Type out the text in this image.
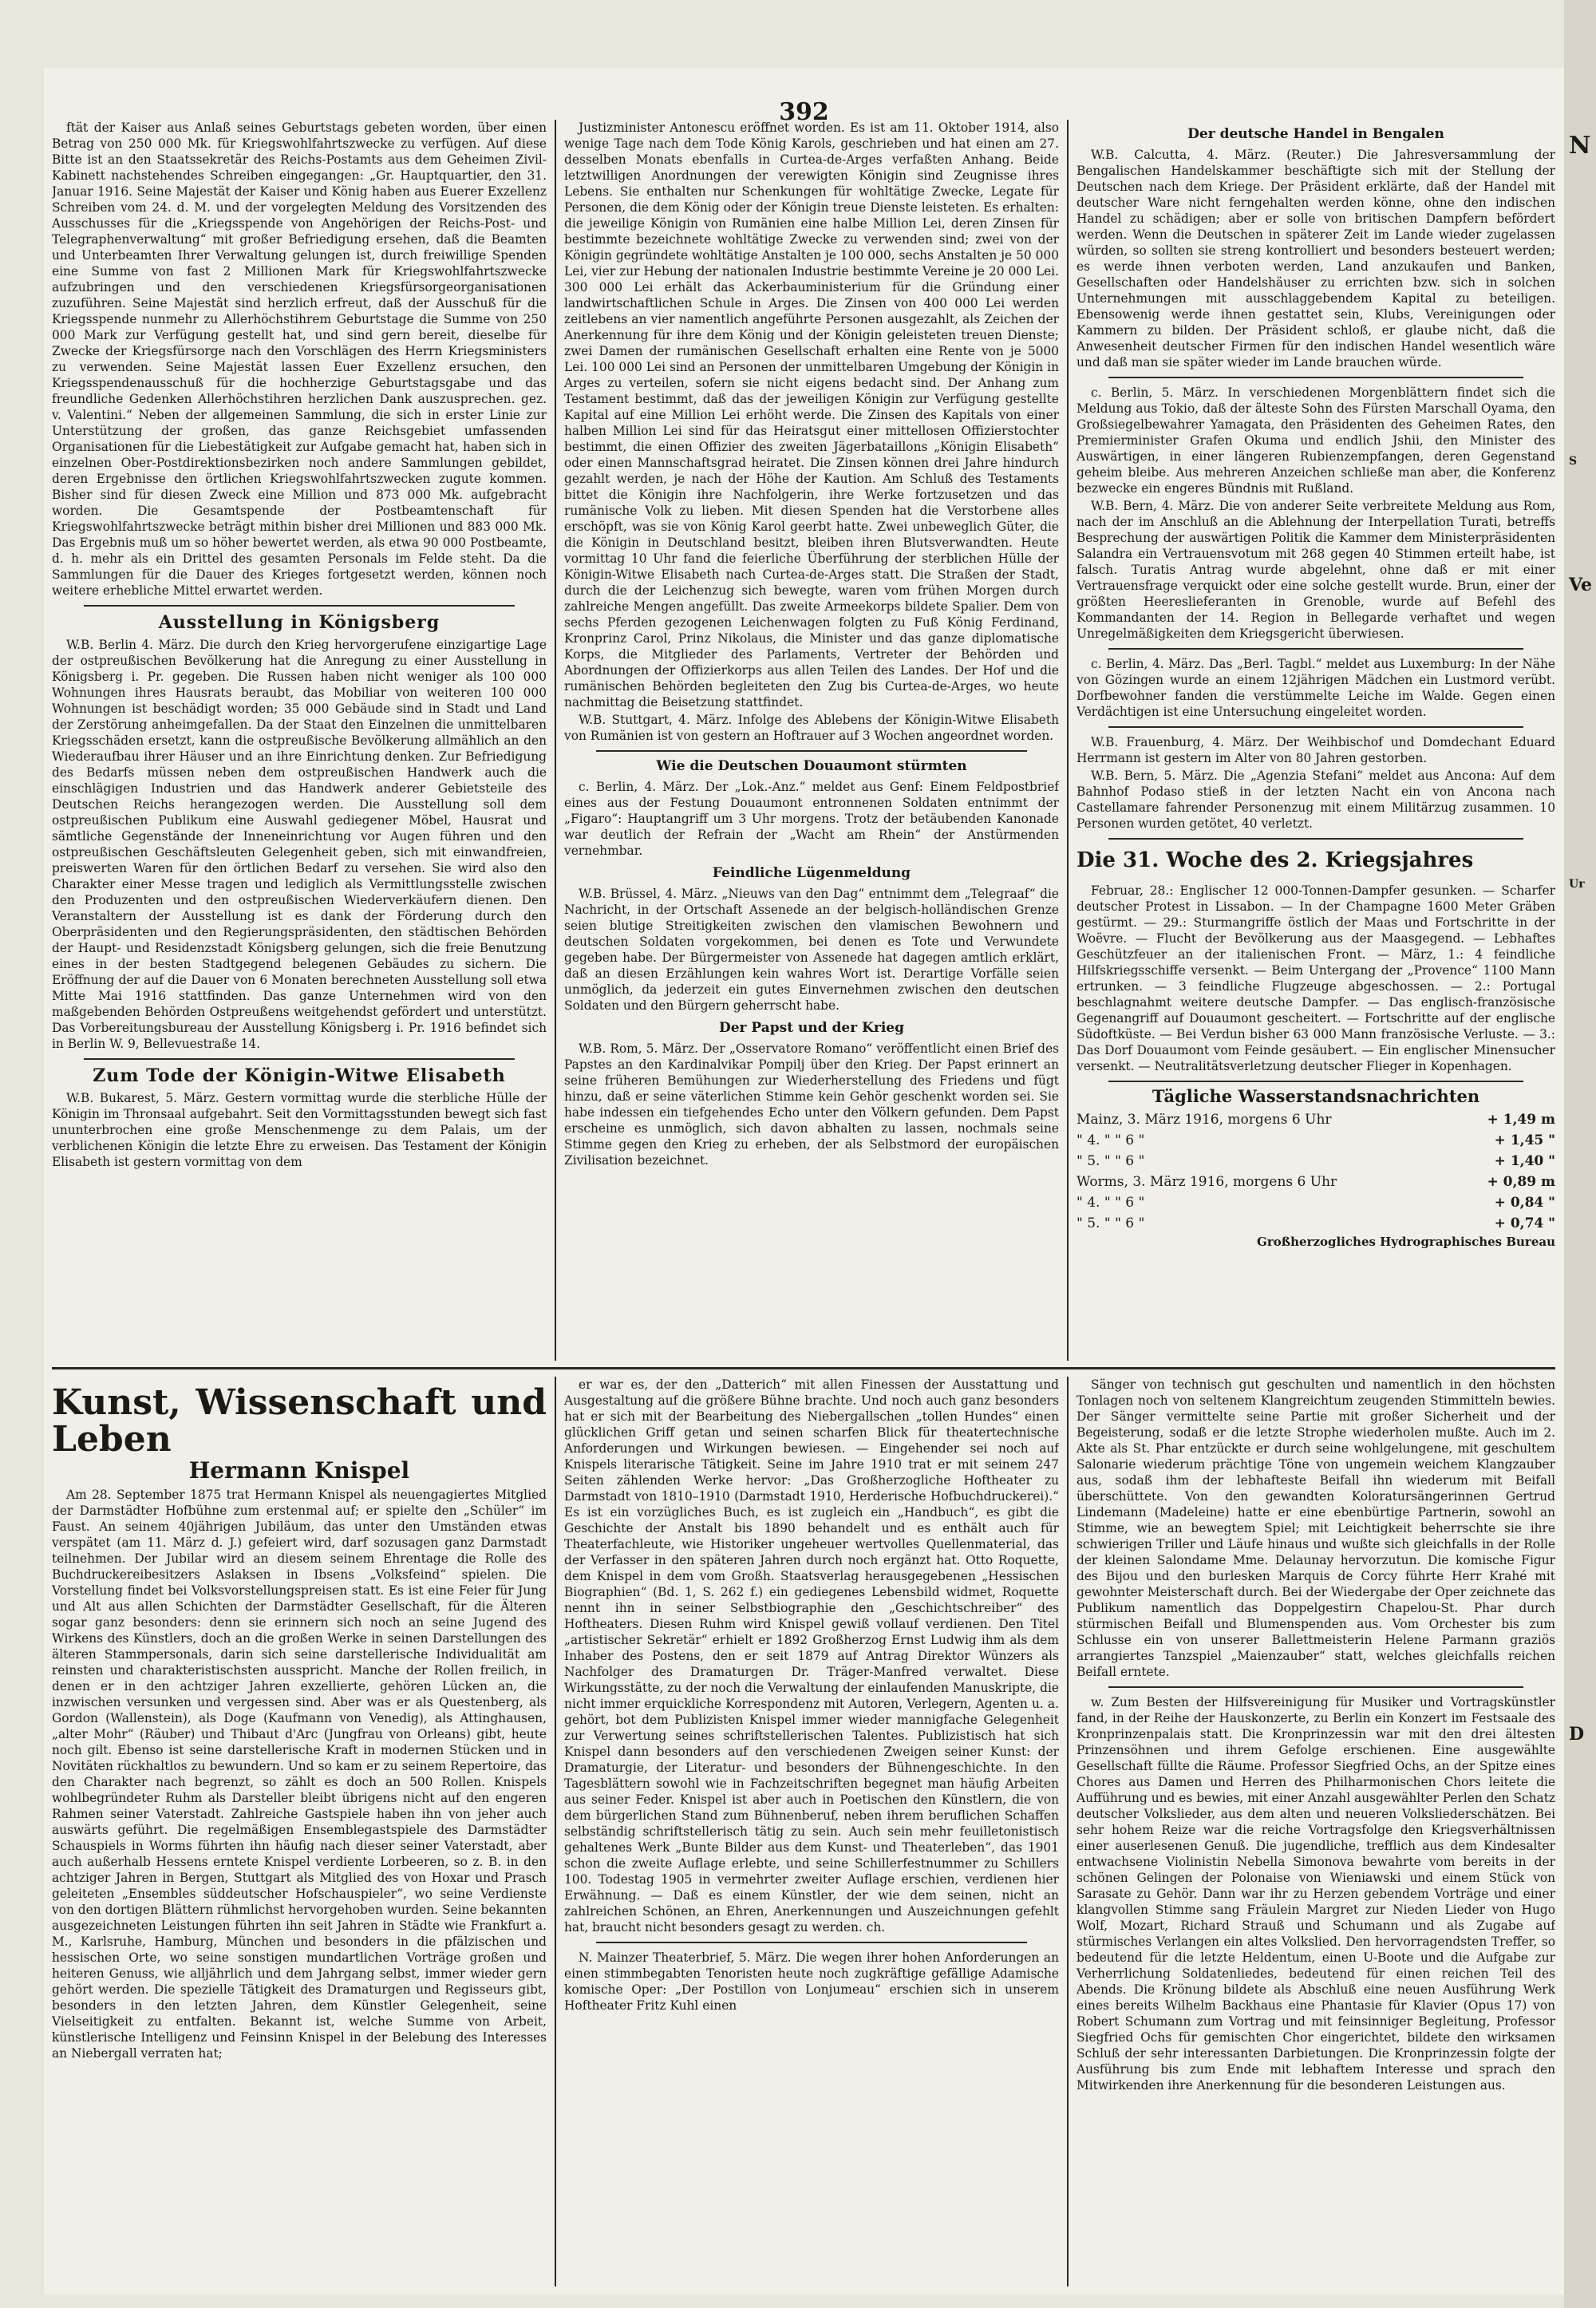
N
S
Ve
Ur
D
392

ftät der Kaiser aus Anlaß seines Geburtstags gebeten worden, über einen Betrag von 250 000 Mk. für Kriegswohlfahrtszwecke zu verfügen. Auf diese Bitte ist an den Staatssekretär des Reichs-Postamts aus dem Geheimen Zivil-Kabinett nachstehendes Schreiben eingegangen: „Gr. Hauptquartier, den 31. Januar 1916. Seine Majestät der Kaiser und König haben aus Euerer Exzellenz Schreiben vom 24. d. M. und der vorgelegten Meldung des Vorsitzenden des Ausschusses für die „Kriegsspende von Angehörigen der Reichs-Post- und Telegraphenverwaltung“ mit großer Befriedigung ersehen, daß die Beamten und Unterbeamten Ihrer Verwaltung gelungen ist, durch freiwillige Spenden eine Summe von fast 2 Millionen Mark für Kriegswohlfahrtszwecke aufzubringen und den verschiedenen Kriegsfürsorgeorganisationen zuzuführen. Seine Majestät sind herzlich erfreut, daß der Ausschuß für die Kriegsspende nunmehr zu Allerhöchstihrem Geburtstage die Summe von 250 000 Mark zur Verfügung gestellt hat, und sind gern bereit, dieselbe für Zwecke der Kriegsfürsorge nach den Vorschlägen des Herrn Kriegsministers zu verwenden. Seine Majestät lassen Euer Exzellenz ersuchen, den Kriegsspendenausschuß für die hochherzige Geburtstagsgabe und das freundliche Gedenken Allerhöchstihren herzlichen Dank auszusprechen. gez. v. Valentini.“ Neben der allgemeinen Sammlung, die sich in erster Linie zur Unterstützung der großen, das ganze Reichsgebiet umfassenden Organisationen für die Liebestätigkeit zur Aufgabe gemacht hat, haben sich in einzelnen Ober-Postdirektionsbezirken noch andere Sammlungen gebildet, deren Ergebnisse den örtlichen Kriegswohlfahrtszwecken zugute kommen. Bisher sind für diesen Zweck eine Million und 873 000 Mk. aufgebracht worden. Die Gesamtspende der Postbeamtenschaft für Kriegswohlfahrtszwecke beträgt mithin bisher drei Millionen und 883 000 Mk. Das Ergebnis muß um so höher bewertet werden, als etwa 90 000 Postbeamte, d. h. mehr als ein Drittel des gesamten Personals im Felde steht. Da die Sammlungen für die Dauer des Krieges fortgesetzt werden, können noch weitere erhebliche Mittel erwartet werden.

Ausstellung in Königsberg

W.B. Berlin 4. März. Die durch den Krieg hervorgerufene einzigartige Lage der ostpreußischen Bevölkerung hat die Anregung zu einer Ausstellung in Königsberg i. Pr. gegeben. Die Russen haben nicht weniger als 100 000 Wohnungen ihres Hausrats beraubt, das Mobiliar von weiteren 100 000 Wohnungen ist beschädigt worden; 35 000 Gebäude sind in Stadt und Land der Zerstörung anheimgefallen. Da der Staat den Einzelnen die unmittelbaren Kriegsschäden ersetzt, kann die ostpreußische Bevölkerung allmählich an den Wiederaufbau ihrer Häuser und an ihre Einrichtung denken. Zur Befriedigung des Bedarfs müssen neben dem ostpreußischen Handwerk auch die einschlägigen Industrien und das Handwerk anderer Gebietsteile des Deutschen Reichs herangezogen werden. Die Ausstellung soll dem ostpreußischen Publikum eine Auswahl gediegener Möbel, Hausrat und sämtliche Gegenstände der Inneneinrichtung vor Augen führen und den ostpreußischen Geschäftsleuten Gelegenheit geben, sich mit einwandfreien, preiswerten Waren für den örtlichen Bedarf zu versehen. Sie wird also den Charakter einer Messe tragen und lediglich als Vermittlungsstelle zwischen den Produzenten und den ostpreußischen Wiederverkäufern dienen. Den Veranstaltern der Ausstellung ist es dank der Förderung durch den Oberpräsidenten und den Regierungspräsidenten, den städtischen Behörden der Haupt- und Residenzstadt Königsberg gelungen, sich die freie Benutzung eines in der besten Stadtgegend belegenen Gebäudes zu sichern. Die Eröffnung der auf die Dauer von 6 Monaten berechneten Ausstellung soll etwa Mitte Mai 1916 stattfinden. Das ganze Unternehmen wird von den maßgebenden Behörden Ostpreußens weitgehendst gefördert und unterstützt. Das Vorbereitungsbureau der Ausstellung Königsberg i. Pr. 1916 befindet sich in Berlin W. 9, Bellevuestraße 14.

Zum Tode der Königin-Witwe Elisabeth

W.B. Bukarest, 5. März. Gestern vormittag wurde die sterbliche Hülle der Königin im Thronsaal aufgebahrt. Seit den Vormittagsstunden bewegt sich fast ununterbrochen eine große Menschenmenge zu dem Palais, um der verblichenen Königin die letzte Ehre zu erweisen. Das Testament der Königin Elisabeth ist gestern vormittag von dem

Justizminister Antonescu eröffnet worden. Es ist am 11. Oktober 1914, also wenige Tage nach dem Tode König Karols, geschrieben und hat einen am 27. desselben Monats ebenfalls in Curtea-de-Arges verfaßten Anhang. Beide letztwilligen Anordnungen der verewigten Königin sind Zeugnisse ihres Lebens. Sie enthalten nur Schenkungen für wohltätige Zwecke, Legate für Personen, die dem König oder der Königin treue Dienste leisteten. Es erhalten: die jeweilige Königin von Rumänien eine halbe Million Lei, deren Zinsen für bestimmte bezeichnete wohltätige Zwecke zu verwenden sind; zwei von der Königin gegründete wohltätige Anstalten je 100 000, sechs Anstalten je 50 000 Lei, vier zur Hebung der nationalen Industrie bestimmte Vereine je 20 000 Lei. 300 000 Lei erhält das Ackerbauministerium für die Gründung einer landwirtschaftlichen Schule in Arges. Die Zinsen von 400 000 Lei werden zeitlebens an vier namentlich angeführte Personen ausgezahlt, als Zeichen der Anerkennung für ihre dem König und der Königin geleisteten treuen Dienste; zwei Damen der rumänischen Gesellschaft erhalten eine Rente von je 5000 Lei. 100 000 Lei sind an Personen der unmittelbaren Umgebung der Königin in Arges zu verteilen, sofern sie nicht eigens bedacht sind. Der Anhang zum Testament bestimmt, daß das der jeweiligen Königin zur Verfügung gestellte Kapital auf eine Million Lei erhöht werde. Die Zinsen des Kapitals von einer halben Million Lei sind für das Heiratsgut einer mittellosen Offizierstochter bestimmt, die einen Offizier des zweiten Jägerbataillons „Königin Elisabeth“ oder einen Mannschaftsgrad heiratet. Die Zinsen können drei Jahre hindurch gezahlt werden, je nach der Höhe der Kaution. Am Schluß des Testaments bittet die Königin ihre Nachfolgerin, ihre Werke fortzusetzen und das rumänische Volk zu lieben. Mit diesen Spenden hat die Verstorbene alles erschöpft, was sie von König Karol geerbt hatte. Zwei unbeweglich Güter, die die Königin in Deutschland besitzt, bleiben ihren Blutsverwandten. Heute vormittag 10 Uhr fand die feierliche Überführung der sterblichen Hülle der Königin-Witwe Elisabeth nach Curtea-de-Arges statt. Die Straßen der Stadt, durch die der Leichenzug sich bewegte, waren vom frühen Morgen durch zahlreiche Mengen angefüllt. Das zweite Armeekorps bildete Spalier. Dem von sechs Pferden gezogenen Leichenwagen folgten zu Fuß König Ferdinand, Kronprinz Carol, Prinz Nikolaus, die Minister und das ganze diplomatische Korps, die Mitglieder des Parlaments, Vertreter der Behörden und Abordnungen der Offizierkorps aus allen Teilen des Landes. Der Hof und die rumänischen Behörden begleiteten den Zug bis Curtea-de-Arges, wo heute nachmittag die Beisetzung stattfindet.

W.B. Stuttgart, 4. März. Infolge des Ablebens der Königin-Witwe Elisabeth von Rumänien ist von gestern an Hoftrauer auf 3 Wochen angeordnet worden.

Wie die Deutschen Douaumont stürmten

c. Berlin, 4. März. Der „Lok.-Anz.“ meldet aus Genf: Einem Feldpostbrief eines aus der Festung Douaumont entronnenen Soldaten entnimmt der „Figaro“: Hauptangriff um 3 Uhr morgens. Trotz der betäubenden Kanonade war deutlich der Refrain der „Wacht am Rhein“ der Anstürmenden vernehmbar.

Feindliche Lügenmeldung

W.B. Brüssel, 4. März. „Nieuws van den Dag“ entnimmt dem „Telegraaf“ die Nachricht, in der Ortschaft Assenede an der belgisch-holländischen Grenze seien blutige Streitigkeiten zwischen den vlamischen Bewohnern und deutschen Soldaten vorgekommen, bei denen es Tote und Verwundete gegeben habe. Der Bürgermeister von Assenede hat dagegen amtlich erklärt, daß an diesen Erzählungen kein wahres Wort ist. Derartige Vorfälle seien unmöglich, da jederzeit ein gutes Einvernehmen zwischen den deutschen Soldaten und den Bürgern geherrscht habe.

Der Papst und der Krieg

W.B. Rom, 5. März. Der „Osservatore Romano“ veröffentlicht einen Brief des Papstes an den Kardinalvikar Pompilj über den Krieg. Der Papst erinnert an seine früheren Bemühungen zur Wiederherstellung des Friedens und fügt hinzu, daß er seine väterlichen Stimme kein Gehör geschenkt worden sei. Sie habe indessen ein tiefgehendes Echo unter den Völkern gefunden. Dem Papst erscheine es unmöglich, sich davon abhalten zu lassen, nochmals seine Stimme gegen den Krieg zu erheben, der als Selbstmord der europäischen Zivilisation bezeichnet.

Der deutsche Handel in Bengalen

W.B. Calcutta, 4. März. (Reuter.) Die Jahresversammlung der Bengalischen Handelskammer beschäftigte sich mit der Stellung der Deutschen nach dem Kriege. Der Präsident erklärte, daß der Handel mit deutscher Ware nicht ferngehalten werden könne, ohne den indischen Handel zu schädigen; aber er solle von britischen Dampfern befördert werden. Wenn die Deutschen in späterer Zeit im Lande wieder zugelassen würden, so sollten sie streng kontrolliert und besonders besteuert werden; es werde ihnen verboten werden, Land anzukaufen und Banken, Gesellschaften oder Handelshäuser zu errichten bzw. sich in solchen Unternehmungen mit ausschlaggebendem Kapital zu beteiligen. Ebensowenig werde ihnen gestattet sein, Klubs, Vereinigungen oder Kammern zu bilden. Der Präsident schloß, er glaube nicht, daß die Anwesenheit deutscher Firmen für den indischen Handel wesentlich wäre und daß man sie später wieder im Lande brauchen würde.

c. Berlin, 5. März. In verschiedenen Morgenblättern findet sich die Meldung aus Tokio, daß der älteste Sohn des Fürsten Marschall Oyama, den Großsiegelbewahrer Yamagata, den Präsidenten des Geheimen Rates, den Premierminister Grafen Okuma und endlich Jshii, den Minister des Auswärtigen, in einer längeren Rubienzempfangen, deren Gegenstand geheim bleibe. Aus mehreren Anzeichen schließe man aber, die Konferenz bezwecke ein engeres Bündnis mit Rußland.

W.B. Bern, 4. März. Die von anderer Seite verbreitete Meldung aus Rom, nach der im Anschluß an die Ablehnung der Interpellation Turati, betreffs Besprechung der auswärtigen Politik die Kammer dem Ministerpräsidenten Salandra ein Vertrauensvotum mit 268 gegen 40 Stimmen erteilt habe, ist falsch. Turatis Antrag wurde abgelehnt, ohne daß er mit einer Vertrauensfrage verquickt oder eine solche gestellt wurde. Brun, einer der größten Heereslieferanten in Grenoble, wurde auf Befehl des Kommandanten der 14. Region in Bellegarde verhaftet und wegen Unregelmäßigkeiten dem Kriegsgericht überwiesen.

c. Berlin, 4. März. Das „Berl. Tagbl.“ meldet aus Luxemburg: In der Nähe von Gözingen wurde an einem 12jährigen Mädchen ein Lustmord verübt. Dorfbewohner fanden die verstümmelte Leiche im Walde. Gegen einen Verdächtigen ist eine Untersuchung eingeleitet worden.

W.B. Frauenburg, 4. März. Der Weihbischof und Domdechant Eduard Herrmann ist gestern im Alter von 80 Jahren gestorben.

W.B. Bern, 5. März. Die „Agenzia Stefani“ meldet aus Ancona: Auf dem Bahnhof Podaso stieß in der letzten Nacht ein von Ancona nach Castellamare fahrender Personenzug mit einem Militärzug zusammen. 10 Personen wurden getötet, 40 verletzt.

Die 31. Woche des 2. Kriegsjahres

Februar, 28.: Englischer 12 000-Tonnen-Dampfer gesunken. — Scharfer deutscher Protest in Lissabon. — In der Champagne 1600 Meter Gräben gestürmt. — 29.: Sturmangriffe östlich der Maas und Fortschritte in der Woëvre. — Flucht der Bevölkerung aus der Maasgegend. — Lebhaftes Geschützfeuer an der italienischen Front. — März, 1.: 4 feindliche Hilfskriegsschiffe versenkt. — Beim Untergang der „Provence“ 1100 Mann ertrunken. — 3 feindliche Flugzeuge abgeschossen. — 2.: Portugal beschlagnahmt weitere deutsche Dampfer. — Das englisch-französische Gegenangriff auf Douaumont gescheitert. — Fortschritte auf der englische Südoftküste. — Bei Verdun bisher 63 000 Mann französische Verluste. — 3.: Das Dorf Douaumont vom Feinde gesäubert. — Ein englischer Minensucher versenkt. — Neutralitätsverletzung deutscher Flieger in Kopenhagen.

Tägliche Wasserstandsnachrichten
Mainz, 3. März 1916, morgens 6 Uhr	+ 1,49 m
" 4. " " 6 "	+ 1,45 "
" 5. " " 6 "	+ 1,40 "
Worms, 3. März 1916, morgens 6 Uhr	+ 0,89 m
" 4. " " 6 "	+ 0,84 "
" 5. " " 6 "	+ 0,74 "
Großherzogliches Hydrographisches Bureau
Kunst, Wissenschaft und Leben
Hermann Knispel

Am 28. September 1875 trat Hermann Knispel als neuengagiertes Mitglied der Darmstädter Hofbühne zum erstenmal auf; er spielte den „Schüler“ im Faust. An seinem 40jährigen Jubiläum, das unter den Umständen etwas verspätet (am 11. März d. J.) gefeiert wird, darf sozusagen ganz Darmstadt teilnehmen. Der Jubilar wird an diesem seinem Ehrentage die Rolle des Buchdruckereibesitzers Aslaksen in Ibsens „Volksfeind“ spielen. Die Vorstellung findet bei Volksvorstellungspreisen statt. Es ist eine Feier für Jung und Alt aus allen Schichten der Darmstädter Gesellschaft, für die Älteren sogar ganz besonders: denn sie erinnern sich noch an seine Jugend des Wirkens des Künstlers, doch an die großen Werke in seinen Darstellungen des älteren Stammpersonals, darin sich seine darstellerische Individualität am reinsten und charakteristischsten ausspricht. Manche der Rollen freilich, in denen er in den achtziger Jahren exzellierte, gehören Lücken an, die inzwischen versunken und vergessen sind. Aber was er als Questenberg, als Gordon (Wallenstein), als Doge (Kaufmann von Venedig), als Attinghausen, „alter Mohr“ (Räuber) und Thibaut d'Arc (Jungfrau von Orleans) gibt, heute noch gilt. Ebenso ist seine darstellerische Kraft in modernen Stücken und in Novitäten rückhaltlos zu bewundern. Und so kam er zu seinem Repertoire, das den Charakter nach begrenzt, so zählt es doch an 500 Rollen. Knispels wohlbegründeter Ruhm als Darsteller bleibt übrigens nicht auf den engeren Rahmen seiner Vaterstadt. Zahlreiche Gastspiele haben ihn von jeher auch auswärts geführt. Die regelmäßigen Ensemblegastspiele des Darmstädter Schauspiels in Worms führten ihn häufig nach dieser seiner Vaterstadt, aber auch außerhalb Hessens erntete Knispel verdiente Lorbeeren, so z. B. in den achtziger Jahren in Bergen, Stuttgart als Mitglied des von Hoxar und Prasch geleiteten „Ensembles süddeutscher Hofschauspieler“, wo seine Verdienste von den dortigen Blättern rühmlichst hervorgehoben wurden. Seine bekannten ausgezeichneten Leistungen führten ihn seit Jahren in Städte wie Frankfurt a. M., Karlsruhe, Hamburg, München und besonders in die pfälzischen und hessischen Orte, wo seine sonstigen mundartlichen Vorträge großen und heiteren Genuss, wie alljährlich und dem Jahrgang selbst, immer wieder gern gehört werden. Die spezielle Tätigkeit des Dramaturgen und Regisseurs gibt, besonders in den letzten Jahren, dem Künstler Gelegenheit, seine Vielseitigkeit zu entfalten. Bekannt ist, welche Summe von Arbeit, künstlerische Intelligenz und Feinsinn Knispel in der Belebung des Interesses an Niebergall verraten hat;

er war es, der den „Datterich“ mit allen Finessen der Ausstattung und Ausgestaltung auf die größere Bühne brachte. Und noch auch ganz besonders hat er sich mit der Bearbeitung des Niebergallschen „tollen Hundes“ einen glücklichen Griff getan und seinen scharfen Blick für theatertechnische Anforderungen und Wirkungen bewiesen. — Eingehender sei noch auf Knispels literarische Tätigkeit. Seine im Jahre 1910 trat er mit seinem 247 Seiten zählenden Werke hervor: „Das Großherzogliche Hoftheater zu Darmstadt von 1810–1910 (Darmstadt 1910, Herderische Hofbuchdruckerei).“ Es ist ein vorzügliches Buch, es ist zugleich ein „Handbuch“, es gibt die Geschichte der Anstalt bis 1890 behandelt und es enthält auch für Theaterfachleute, wie Historiker ungeheuer wertvolles Quellenmaterial, das der Verfasser in den späteren Jahren durch noch ergänzt hat. Otto Roquette, dem Knispel in dem vom Großh. Staatsverlag herausgegebenen „Hessischen Biographien“ (Bd. 1, S. 262 f.) ein gediegenes Lebensbild widmet, Roquette nennt ihn in seiner Selbstbiographie den „Geschichtschreiber“ des Hoftheaters. Diesen Ruhm wird Knispel gewiß vollauf verdienen. Den Titel „artistischer Sekretär“ erhielt er 1892 Großherzog Ernst Ludwig ihm als dem Inhaber des Postens, den er seit 1879 auf Antrag Direktor Wünzers als Nachfolger des Dramaturgen Dr. Träger-Manfred verwaltet. Diese Wirkungsstätte, zu der noch die Verwaltung der einlaufenden Manuskripte, die nicht immer erquickliche Korrespondenz mit Autoren, Verlegern, Agenten u. a. gehört, bot dem Publizisten Knispel immer wieder mannigfache Gelegenheit zur Verwertung seines schriftstellerischen Talentes. Publizistisch hat sich Knispel dann besonders auf den verschiedenen Zweigen seiner Kunst: der Dramaturgie, der Literatur- und besonders der Bühnengeschichte. In den Tagesblättern sowohl wie in Fachzeitschriften begegnet man häufig Arbeiten aus seiner Feder. Knispel ist aber auch in Poetischen den Künstlern, die von dem bürgerlichen Stand zum Bühnenberuf, neben ihrem beruflichen Schaffen selbständig schriftstellerisch tätig zu sein. Auch sein mehr feuilletonistisch gehaltenes Werk „Bunte Bilder aus dem Kunst- und Theaterleben“, das 1901 schon die zweite Auflage erlebte, und seine Schillerfestnummer zu Schillers 100. Todestag 1905 in vermehrter zweiter Auflage erschien, verdienen hier Erwähnung. — Daß es einem Künstler, der wie dem seinen, nicht an zahlreichen Schönen, an Ehren, Anerkennungen und Auszeichnungen gefehlt hat, braucht nicht besonders gesagt zu werden. ch.

N. Mainzer Theaterbrief, 5. März. Die wegen ihrer hohen Anforderungen an einen stimmbegabten Tenoristen heute noch zugkräftige gefällige Adamische komische Oper: „Der Postillon von Lonjumeau“ erschien sich in unserem Hoftheater Fritz Kuhl einen

Sänger von technisch gut geschulten und namentlich in den höchsten Tonlagen noch von seltenem Klangreichtum zeugenden Stimmitteln bewies. Der Sänger vermittelte seine Partie mit großer Sicherheit und der Begeisterung, sodaß er die letzte Strophe wiederholen mußte. Auch im 2. Akte als St. Phar entzückte er durch seine wohlgelungene, mit geschultem Salonarie wiederum prächtige Töne von ungemein weichem Klangzauber aus, sodaß ihm der lebhafteste Beifall ihn wiederum mit Beifall überschüttete. Von den gewandten Koloratursängerinnen Gertrud Lindemann (Madeleine) hatte er eine ebenbürtige Partnerin, sowohl an Stimme, wie an bewegtem Spiel; mit Leichtigkeit beherrschte sie ihre schwierigen Triller und Läufe hinaus und wußte sich gleichfalls in der Rolle der kleinen Salondame Mme. Delaunay hervorzutun. Die komische Figur des Bijou und den burlesken Marquis de Corcy führte Herr Krahé mit gewohnter Meisterschaft durch. Bei der Wiedergabe der Oper zeichnete das Publikum namentlich das Doppelgestirn Chapelou-St. Phar durch stürmischen Beifall und Blumenspenden aus. Vom Orchester bis zum Schlusse ein von unserer Ballettmeisterin Helene Parmann graziös arrangiertes Tanzspiel „Maienzauber“ statt, welches gleichfalls reichen Beifall erntete.

w. Zum Besten der Hilfsvereinigung für Musiker und Vortragskünstler fand, in der Reihe der Hauskonzerte, zu Berlin ein Konzert im Festsaale des Kronprinzenpalais statt. Die Kronprinzessin war mit den drei ältesten Prinzensöhnen und ihrem Gefolge erschienen. Eine ausgewählte Gesellschaft füllte die Räume. Professor Siegfried Ochs, an der Spitze eines Chores aus Damen und Herren des Philharmonischen Chors leitete die Aufführung und es bewies, mit einer Anzahl ausgewählter Perlen den Schatz deutscher Volkslieder, aus dem alten und neueren Volksliederschätzen. Bei sehr hohem Reize war die reiche Vortragsfolge den Kriegsverhältnissen einer auserlesenen Genuß. Die jugendliche, trefflich aus dem Kindesalter entwachsene Violinistin Nebella Simonova bewahrte vom bereits in der schönen Gelingen der Polonaise von Wieniawski und einem Stück von Sarasate zu Gehör. Dann war ihr zu Herzen gebendem Vorträge und einer klangvollen Stimme sang Fräulein Margret zur Nieden Lieder von Hugo Wolf, Mozart, Richard Strauß und Schumann und als Zugabe auf stürmisches Verlangen ein altes Volkslied. Den hervorragendsten Treffer, so bedeutend für die letzte Heldentum, einen U-Boote und die Aufgabe zur Verherrlichung Soldatenliedes, bedeutend für einen reichen Teil des Abends. Die Krönung bildete als Abschluß eine neuen Ausführung Werk eines bereits Wilhelm Backhaus eine Phantasie für Klavier (Opus 17) von Robert Schumann zum Vortrag und mit feinsinniger Begleitung, Professor Siegfried Ochs für gemischten Chor eingerichtet, bildete den wirksamen Schluß der sehr interessanten Darbietungen. Die Kronprinzessin folgte der Ausführung bis zum Ende mit lebhaftem Interesse und sprach den Mitwirkenden ihre Anerkennung für die besonderen Leistungen aus.
